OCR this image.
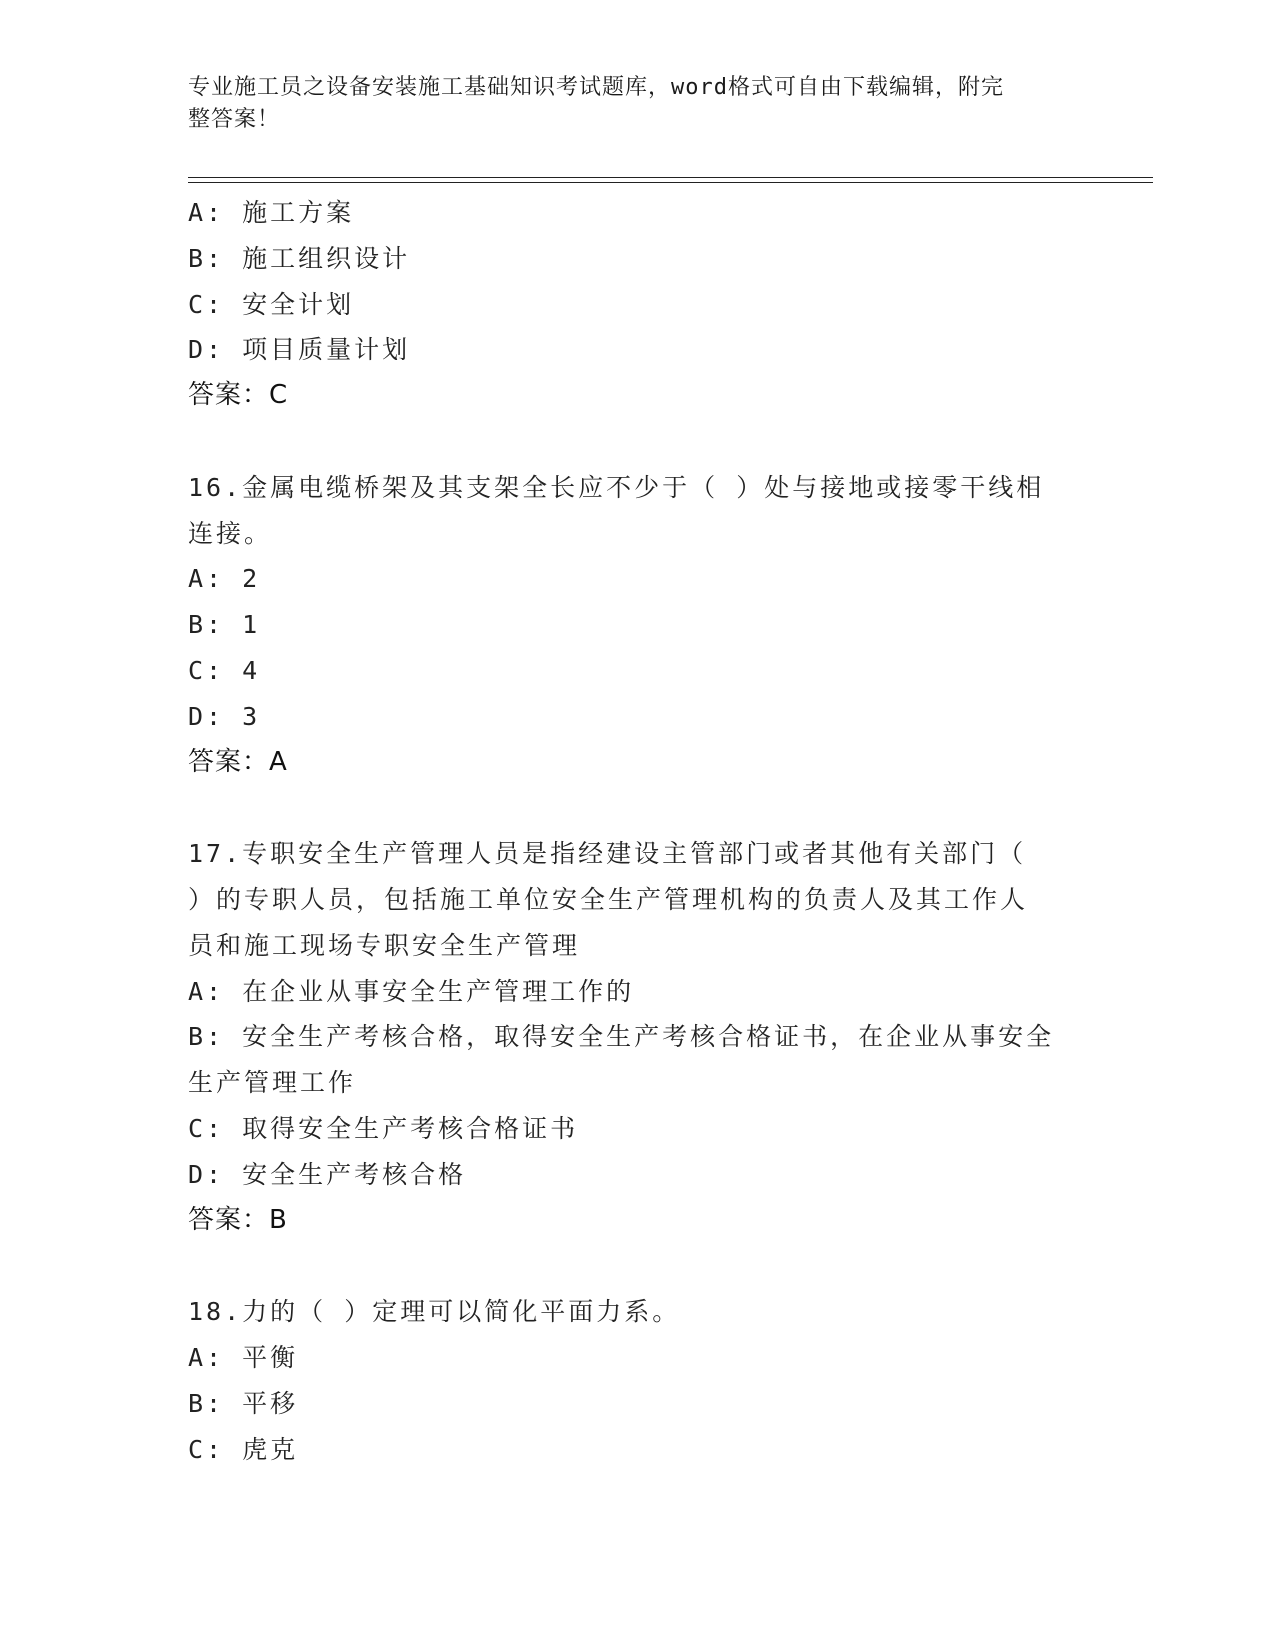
专业施工员之设备安装施工基础知识考试题库，word格式可自由下载编辑，附完
整答案！
A: 施工方案
B: 施工组织设计
C: 安全计划
D: 项目质量计划
答案：C
16.金属电缆桥架及其支架全长应不少于（ ）处与接地或接零干线相
连接。
A: 2
B: 1
C: 4
D: 3
答案：A
17.专职安全生产管理人员是指经建设主管部门或者其他有关部门（
）的专职人员，包括施工单位安全生产管理机构的负责人及其工作人
员和施工现场专职安全生产管理
A: 在企业从事安全生产管理工作的
B: 安全生产考核合格，取得安全生产考核合格证书，在企业从事安全
生产管理工作
C: 取得安全生产考核合格证书
D: 安全生产考核合格
答案：B
18.力的（ ）定理可以简化平面力系。
A: 平衡
B: 平移
C: 虎克
